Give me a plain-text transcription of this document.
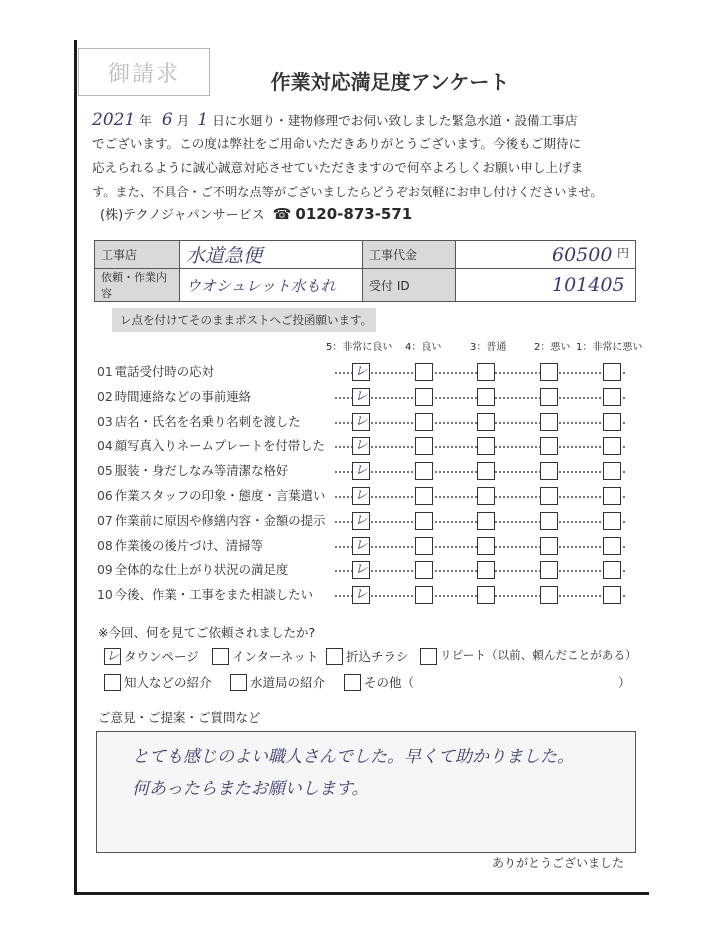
御請求	作業対応満足度アンケート
2021 年 6 月 1 日に水廻り・建物修理でお伺い致しました緊急水道・設備工事店
でございます。この度は弊社をご用命いただきありがとうございます。今後もご期待に
応えられるように誠心誠意対応させていただきますので何卒よろしくお願い申し上げま
す。また、不具合・ご不明な点等がございましたらどうぞお気軽にお申し付けくださいませ。
(株)テクノジャパンサービス ☎ 0120-873-571
工事店	水道急便	工事代金	60500 円

依頼・作業内容	ウオシュレット水もれ	受付 ID	101405
レ点を付けてそのままポストへご投函願います。
5：非常に良い 4：良い	3：普通	2：悪い 1：非常に悪い
01 電話受付時の応対	レ
02 時間連絡などの事前連絡	レ
03 店名・氏名を名乗り名刺を渡した	レ
04 顔写真入りネームプレートを付帯した レ
05 服装・身だしなみ等清潔な格好	レ
06 作業スタッフの印象・態度・言葉遣い レ
07 作業前に原因や修繕内容・金額の提示 レ
08 作業後の後片づけ、清掃等	レ
09 全体的な仕上がり状況の満足度	レ
10 今後、作業・工事をまた相談したい	レ
※今回、何を見てご依頼されましたか?
レ タウンページ	インターネット 折込チラシ	リピート（以前、頼んだことがある）
知人などの紹介	水道局の紹介	その他（	）
ご意見・ご提案・ご質問など
とても感じのよい職人さんでした。早くて助かりました。
何あったらまたお願いします。
ありがとうございました
